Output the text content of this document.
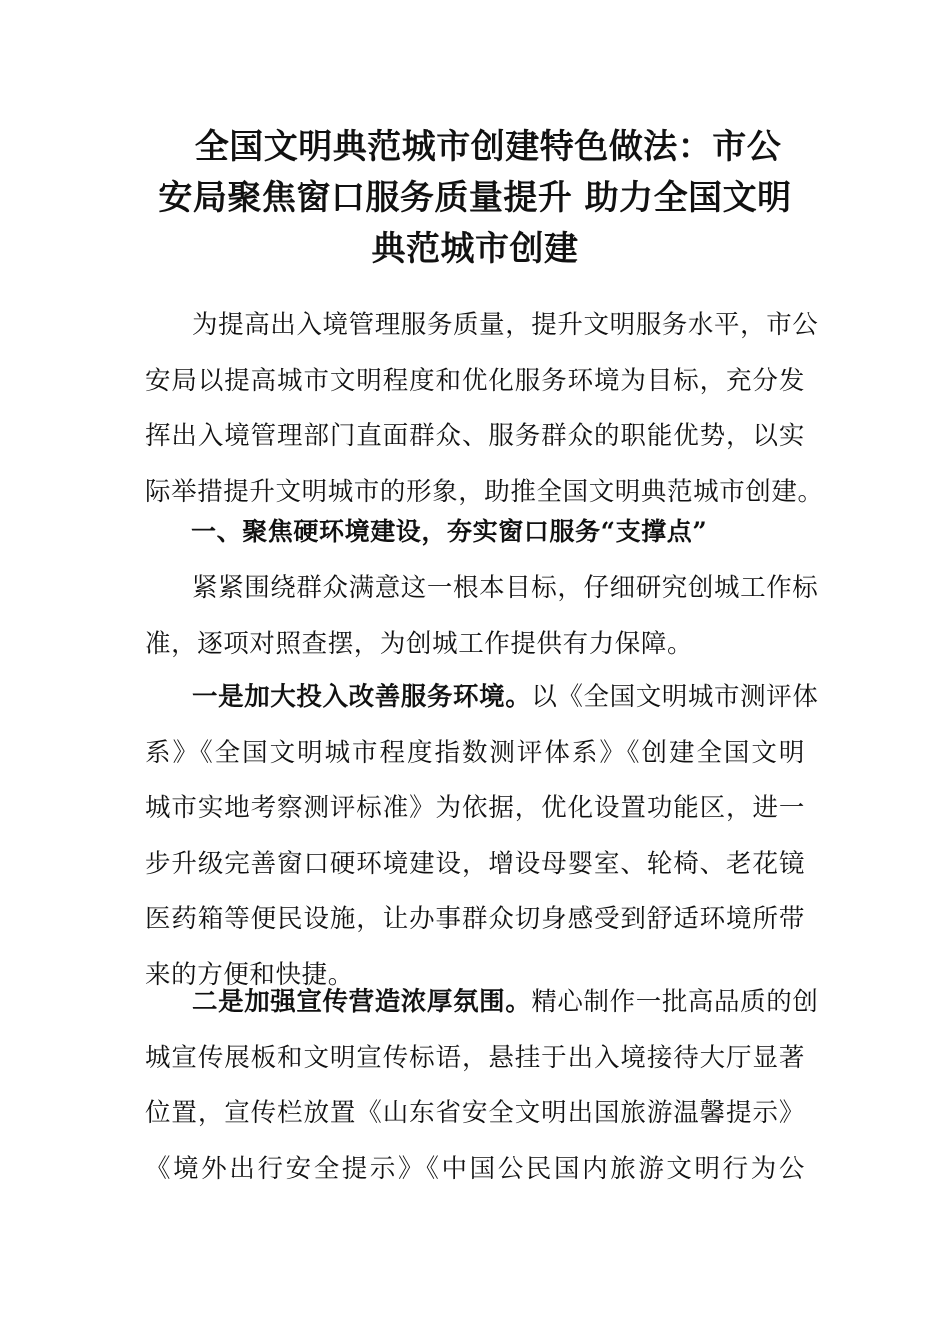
全国文明典范城市创建特色做法：市公
安局聚焦窗口服务质量提升 助力全国文明
典范城市创建
为提高出入境管理服务质量，提升文明服务水平，市公
安局以提高城市文明程度和优化服务环境为目标，充分发
挥出入境管理部门直面群众、服务群众的职能优势，以实
际举措提升文明城市的形象，助推全国文明典范城市创建。
一、聚焦硬环境建设，夯实窗口服务“支撑点”
紧紧围绕群众满意这一根本目标，仔细研究创城工作标
准，逐项对照查摆，为创城工作提供有力保障。
一是加大投入改善服务环境。以《全国文明城市测评体
系》《全国文明城市程度指数测评体系》《创建全国文明
城市实地考察测评标准》为依据，优化设置功能区，进一
步升级完善窗口硬环境建设，增设母婴室、轮椅、老花镜
医药箱等便民设施，让办事群众切身感受到舒适环境所带
来的方便和快捷。
二是加强宣传营造浓厚氛围。精心制作一批高品质的创
城宣传展板和文明宣传标语，悬挂于出入境接待大厅显著
位置，宣传栏放置《山东省安全文明出国旅游温馨提示》
《境外出行安全提示》《中国公民国内旅游文明行为公
